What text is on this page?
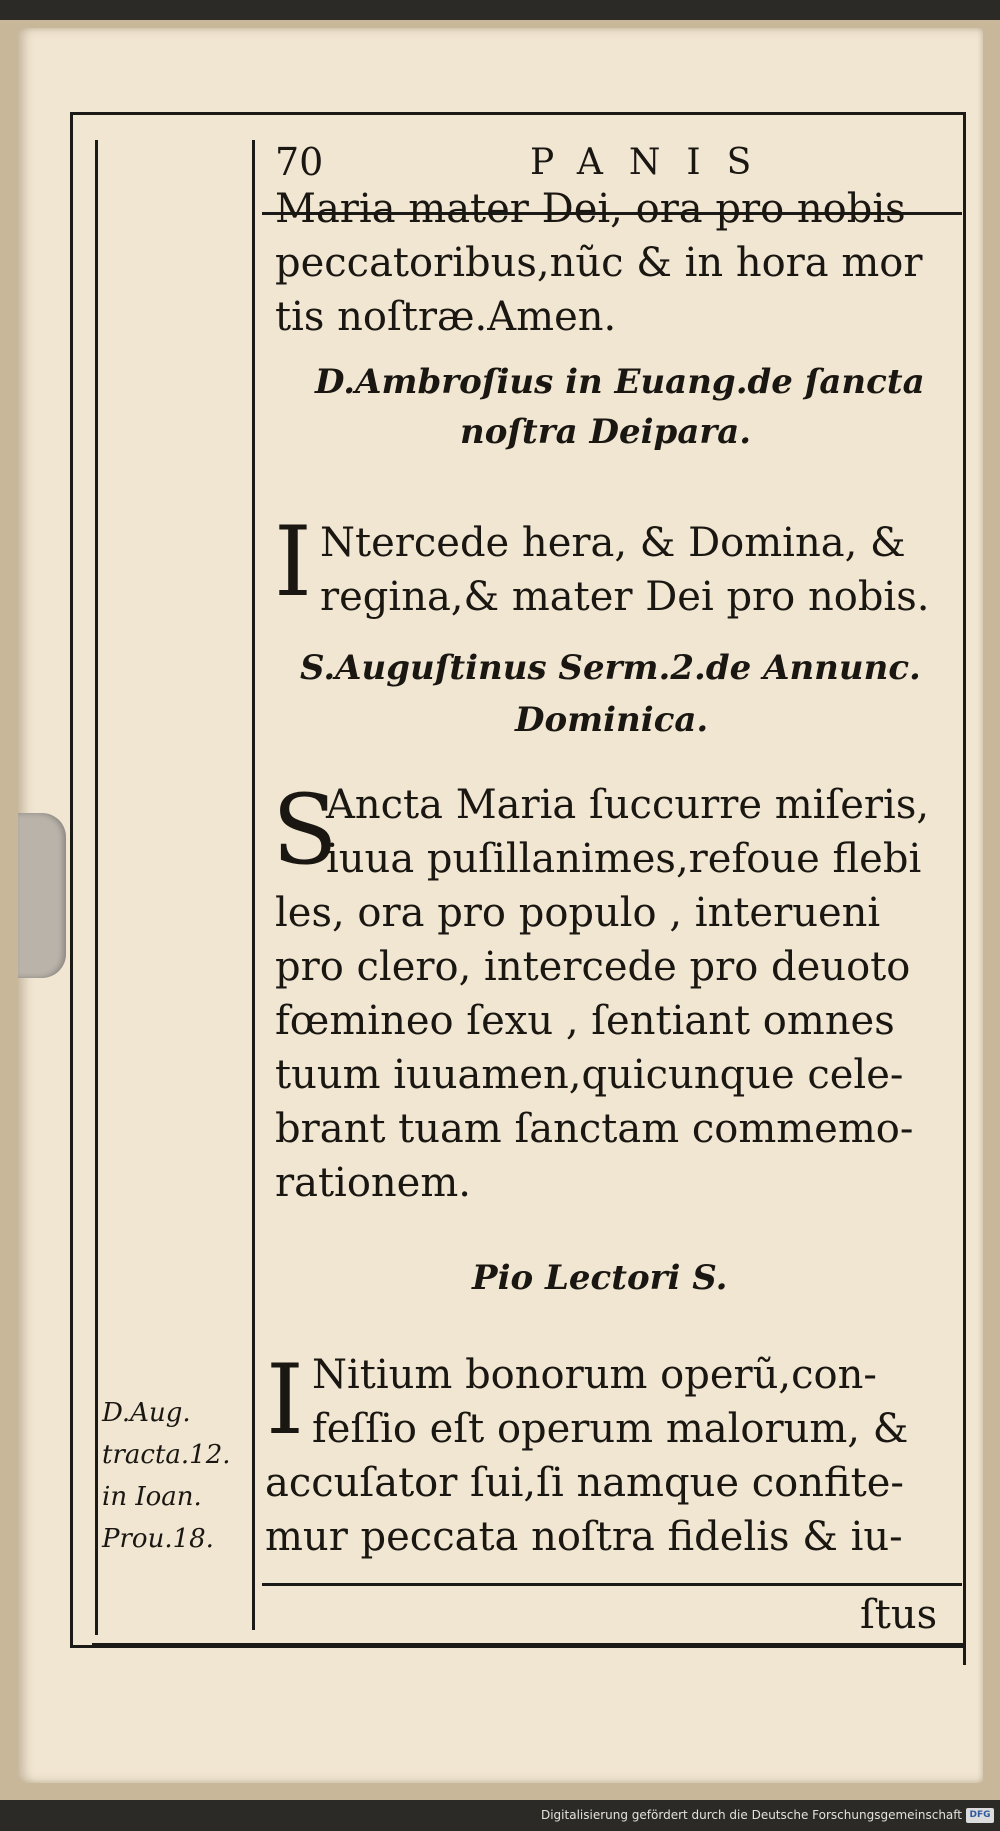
70	PANIS
Maria mater Dei, ora pro nobis
peccatoribus,nũc & in hora mor
tis noſtræ.Amen.
D.Ambroſius in Euang.de ſancta
noſtra Deipara.
I Ntercede hera, & Domina, &
regina,& mater Dei pro nobis.
S.Auguſtinus Serm.2.de Annunc.
Dominica.
S
Ancta Maria ſuccurre miſeris,
iuua puſillanimes,refoue flebi
les, ora pro populo , interueni
pro clero, intercede pro deuoto
fœmineo ſexu , ſentiant omnes
tuum iuuamen,quicunque cele-
brant tuam ſanctam commemo-
rationem.
Pio Lectori S.
I Nitium bonorum operũ,con-
feſſio eſt operum malorum, &
accuſator ſui,ſi namque confite-
mur peccata noſtra fidelis & iu-
ſtus
D.Aug.
tracta.12.
in Ioan.
Prou.18.
Digitalisierung gefördert durch die Deutsche Forschungsgemeinschaft DFG
